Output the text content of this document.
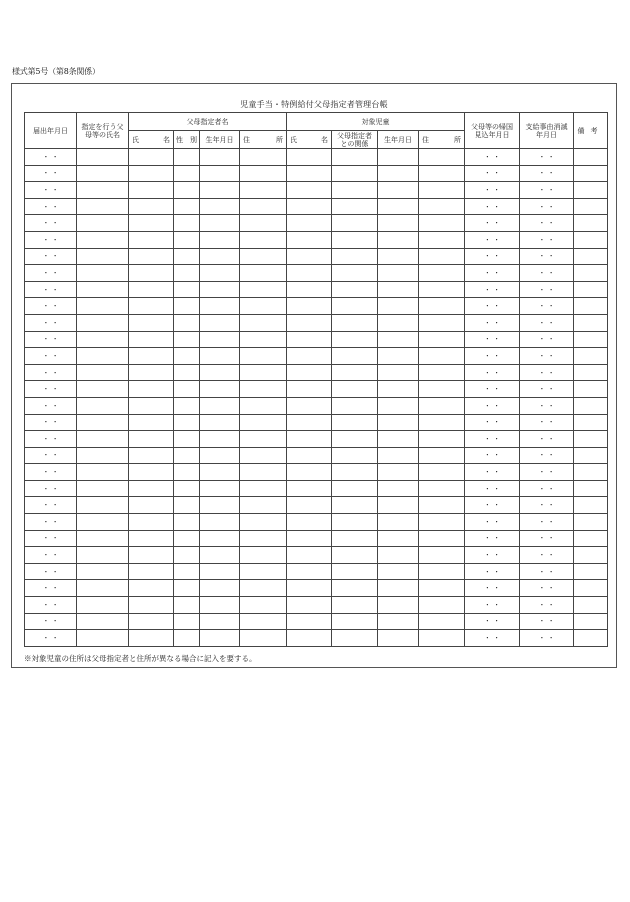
様式第5号（第8条関係）
児童手当・特例給付父母指定者管理台帳
届出年月日	指定を行う父母等の氏名	父母指定者名				対象児童				父母等の帰国見込年月日	支給事由消滅年月日	備考

		氏 名	性 別	生年月日	住 所	氏 名	父母指定者との関係	生年月日	住 所			

・ ・										・ ・	・ ・	
・ ・										・ ・	・ ・	
・ ・										・ ・	・ ・	
・ ・										・ ・	・ ・	
・ ・										・ ・	・ ・	
・ ・										・ ・	・ ・	
・ ・										・ ・	・ ・	
・ ・										・ ・	・ ・	
・ ・										・ ・	・ ・	
・ ・										・ ・	・ ・	
・ ・										・ ・	・ ・	
・ ・										・ ・	・ ・	
・ ・										・ ・	・ ・	
・ ・										・ ・	・ ・	
・ ・										・ ・	・ ・	
・ ・										・ ・	・ ・	
・ ・										・ ・	・ ・	
・ ・										・ ・	・ ・	
・ ・										・ ・	・ ・	
・ ・										・ ・	・ ・	
・ ・										・ ・	・ ・	
・ ・										・ ・	・ ・	
・ ・										・ ・	・ ・	
・ ・										・ ・	・ ・	
・ ・										・ ・	・ ・	
・ ・										・ ・	・ ・	
・ ・										・ ・	・ ・	
・ ・										・ ・	・ ・	
・ ・										・ ・	・ ・	
・ ・										・ ・	・ ・	
※対象児童の住所は父母指定者と住所が異なる場合に記入を要する。
